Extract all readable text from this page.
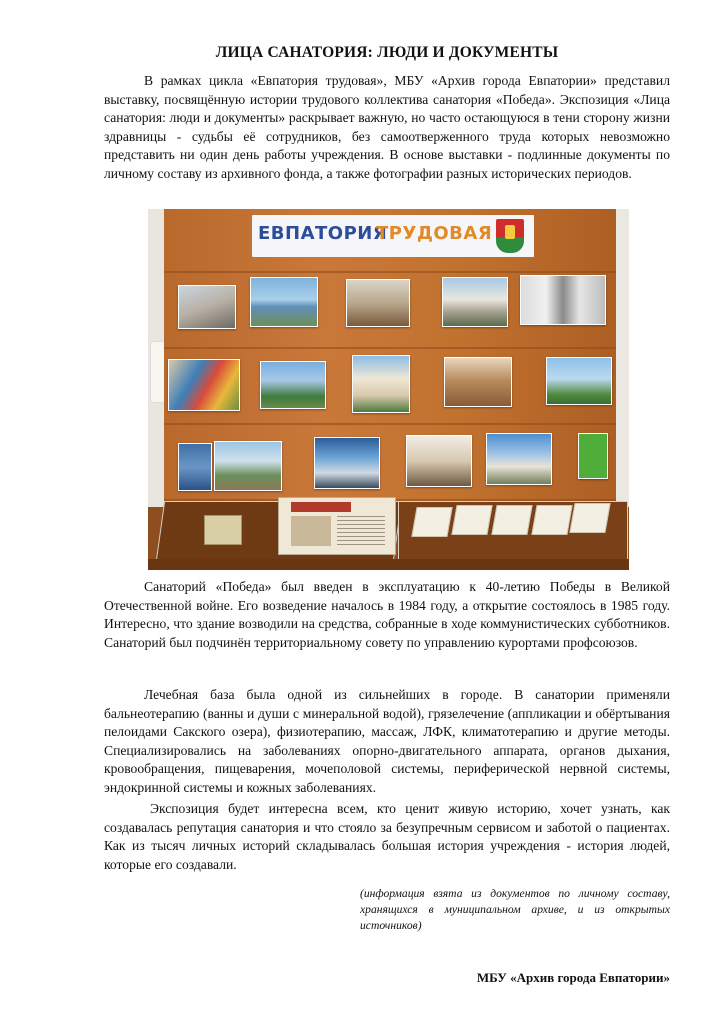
ЛИЦА САНАТОРИЯ: ЛЮДИ И ДОКУМЕНТЫ

В рамках цикла «Евпатория трудовая», МБУ «Архив города Евпатории» представил выставку, посвящённую истории трудового коллектива санатория «Победа». Экспозиция «Лица санатория: люди и документы» раскрывает важную, но часто остающуюся в тени сторону жизни здравницы - судьбы её сотрудников, без самоотверженного труда которых невозможно представить ни один день работы учреждения. В основе выставки - подлинные документы по личному составу из архивного фонда, а также фотографии разных исторических периодов.

ЕВПАТОРИЯ
ТРУДОВАЯ

Санаторий «Победа» был введен в эксплуатацию к 40-летию Победы в Великой Отечественной войне. Его возведение началось в 1984 году, а открытие состоялось в 1985 году. Интересно, что здание возводили на средства, собранные в ходе коммунистических субботников. Санаторий был подчинён территориальному совету по управлению курортами профсоюзов.

Лечебная база была одной из сильнейших в городе. В санатории применяли бальнеотерапию (ванны и души с минеральной водой), грязелечение (аппликации и обёртывания пелоидами Сакского озера), физиотерапию, массаж, ЛФК, климатотерапию и другие методы. Специализировались на заболеваниях опорно-двигательного аппарата, органов дыхания, кровообращения, пищеварения, мочеполовой системы, периферической нервной системы, эндокринной системы и кожных заболеваниях.

Экспозиция будет интересна всем, кто ценит живую историю, хочет узнать, как создавалась репутация санатория и что стояло за безупречным сервисом и заботой о пациентах. Как из тысяч личных историй складывалась большая история учреждения - история людей, которые его создавали.

(информация взята из документов по личному составу, хранящихся в муниципальном архиве, и из открытых источников)

МБУ «Архив города Евпатории»
